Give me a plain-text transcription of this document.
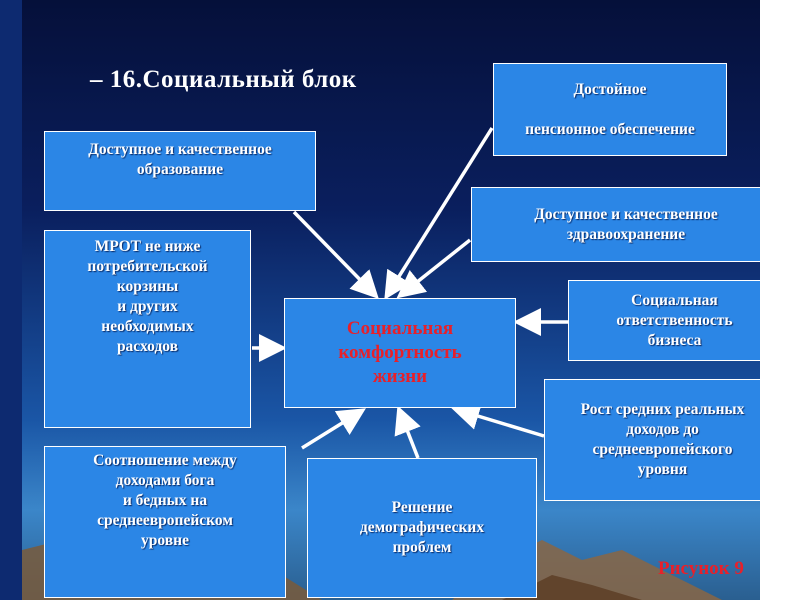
– 16.Социальный блок	Достойное

пенсионное обеспечение
Доступное и качественное
образование
Доступное и качественное
здравоохранение
МРОТ не ниже
потребительской
корзины
и других
необходимых
расходов
Социальная
комфортность
жизни
Социальная
ответственность
бизнеса
Рост средних реальных
доходов до
среднеевропейского
уровня
Соотношение между
доходами бога
и бедных на
среднеевропейском
уровне
Решение
демографических
проблем
Рисунок 9
